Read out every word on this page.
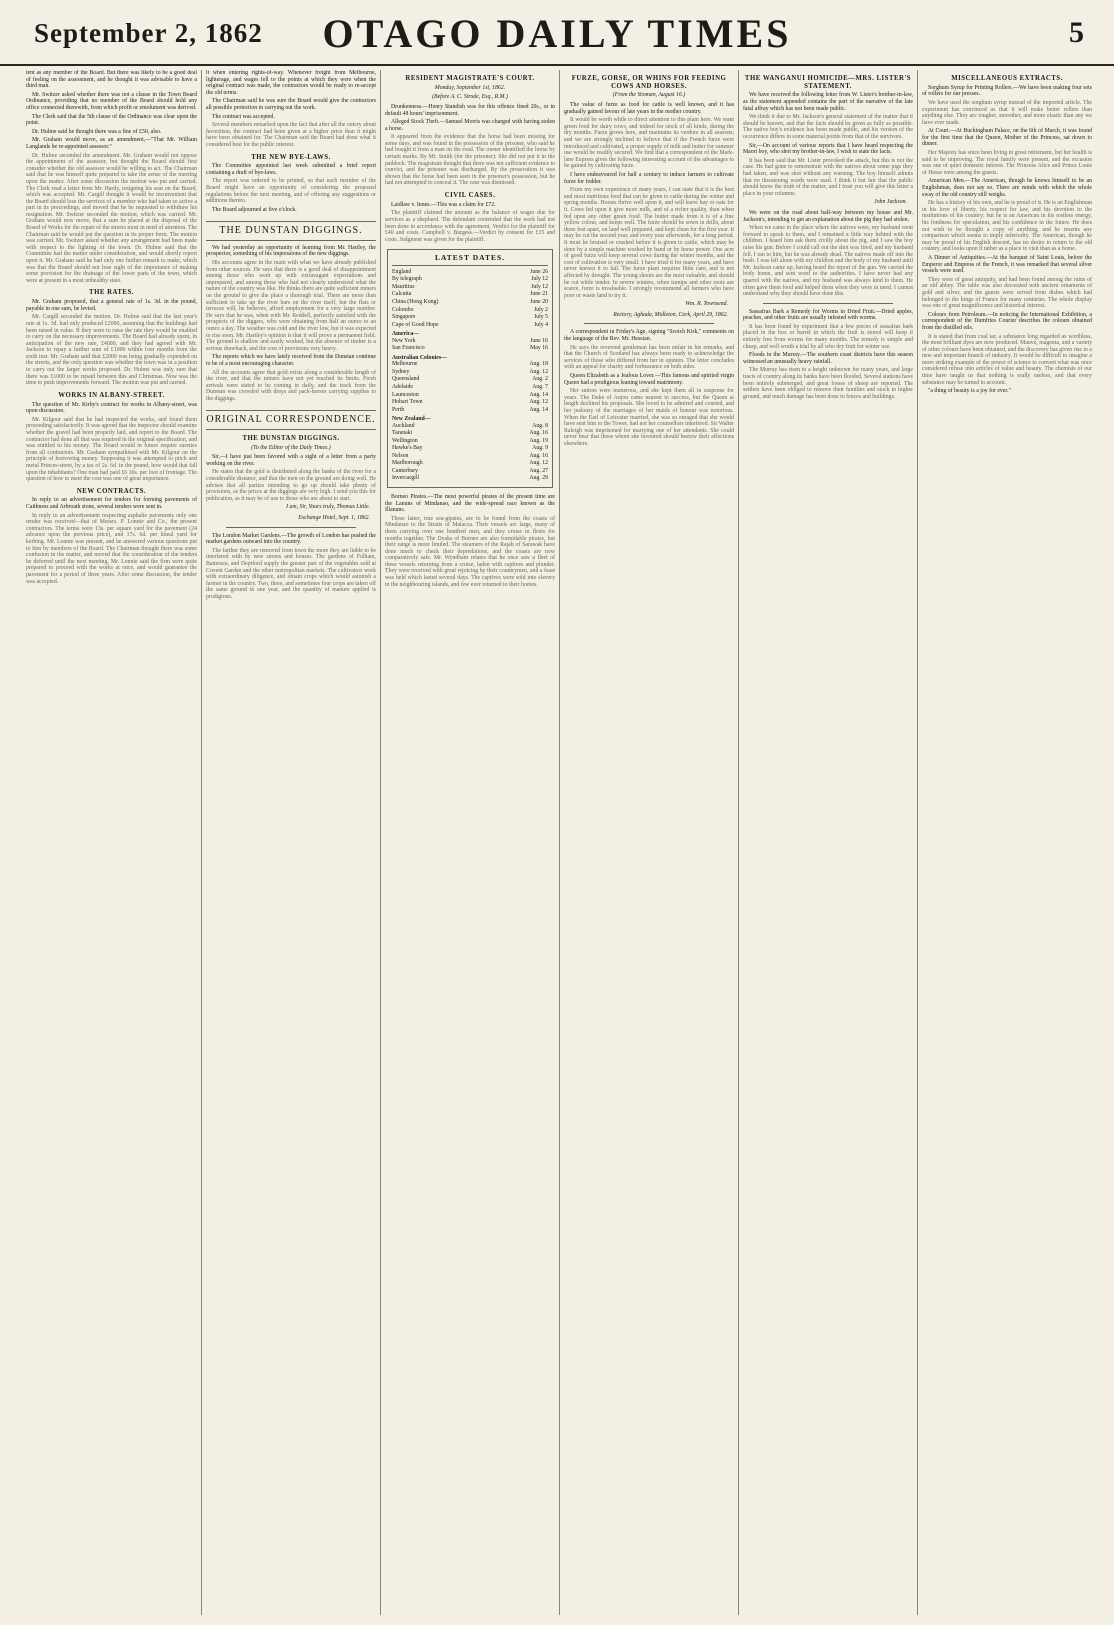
September 2, 1862	OTAGO DAILY TIMES	5

tent as any member of the Board. But there was likely to be a good deal of feeling on the assessment, and he thought it was advisable to have a third man.

Mr. Switzer asked whether there was not a clause in the Town Board Ordinance, providing that no member of the Board should hold any office connected therewith, from which profit or emolument was derived.

The Clerk said that the 5th clause of the Ordinance was clear upon the point.

Dr. Hulme said he thought there was a fine of £50, also.

Mr. Graham would move, as an amendment,—"That Mr. William Langlands be re-appointed assessor."

Dr. Hulme seconded the amendment. Mr. Graham would not oppose the appointment of the assessor, but thought the Board should first consider whether the old assessor would be willing to act. The Chairman said that he was himself quite prepared to take the sense of the meeting upon the matter. After some discussion the motion was put and carried. The Clerk read a letter from Mr. Hardy, resigning his seat on the Board, which was accepted. Mr. Cargill thought it would be inconvenient that the Board should lose the services of a member who had taken so active a part in its proceedings, and moved that he be requested to withdraw his resignation. Mr. Switzer seconded the motion, which was carried. Mr. Graham would now move, that a sum be placed at the disposal of the Board of Works for the repair of the streets most in need of attention. The Chairman said he would put the question in its proper form. The motion was carried. Mr. Switzer asked whether any arrangement had been made with respect to the lighting of the town. Dr. Hulme said that the Committee had the matter under consideration, and would shortly report upon it. Mr. Graham said he had only one further remark to make, which was that the Board should not lose sight of the importance of making some provision for the drainage of the lower parts of the town, which were at present in a most unhealthy state.

THE RATES.

Mr. Graham proposed, that a general rate of 1s. 3d. in the pound, payable in one sum, be levied.

Mr. Cargill seconded the motion. Dr. Hulme said that the last year's rate at 1s. 3d. had only produced £2000, assuming that the buildings had been raised in value. If they were to raise the rate they would be enabled to carry on the necessary improvements. The Board had already spent, in anticipation of the new rate, £4000, and they had agreed with Mr. Jackson to repay a further sum of £1000 within four months from the sixth inst. Mr. Graham said that £2000 was being gradually expended on the streets, and the only question was whether the town was in a position to carry out the larger works proposed. Dr. Hulme was only sure that there was £1000 to be repaid between this and Christmas. Now was the time to push improvements forward. The motion was put and carried.

WORKS IN ALBANY-STREET.

The question of Mr. Kirby's contract for works in Albany-street, was upon discussion.

Mr. Kilgour said that he had inspected the works, and found them proceeding satisfactorily. It was agreed that the inspector should examine whether the gravel had been properly laid, and report to the Board. The contractor had done all that was required in the original specification, and was entitled to his money. The Board would in future require sureties from all contractors. Mr. Graham sympathised with Mr. Kilgour on the principle of borrowing money. Supposing it was attempted to pitch and metal Princes-street, by a tax of 2s. 6d. in the pound, how would that fall upon the inhabitants? One man had paid £6 10s. per foot of frontage. The question of how to meet the cost was one of great importance.

NEW CONTRACTS.

In reply to an advertisement for tenders for forming pavements of Caithness and Arbroath stone, several tenders were sent in.

In reply to an advertisement respecting asphalte pavements only one tender was received—that of Messrs. P. Lonnie and Co., the present contractors. The terms were 13s. per square yard for the pavement (24 advance upon the previous price), and 17s. 6d. per lineal yard for kerbing. Mr. Lonnie was present, and he answered various questions put to him by members of the Board. The Chairman thought there was some confusion in the matter, and moved that the consideration of the tenders be deferred until the next meeting. Mr. Lonnie said the firm were quite prepared to proceed with the works at once, and would guarantee the pavement for a period of three years. After some discussion, the tender was accepted.

it when entering rights-of-way. Whenever freight from Melbourne, lighterage, and wages fell to the points at which they were when the original contract was made, the contractors would be ready to re-accept the old terms.

The Chairman said he was sure the Board would give the contractors all possible protection in carrying out the work.

The contract was accepted.

Several members remarked upon the fact that after all the outcry about favoritism, the contract had been given at a higher price than it might have been obtained for. The Chairman said the Board had done what it considered best for the public interest.

THE NEW BYE-LAWS.

The Committee appointed last week submitted a brief report containing a draft of bye-laws.

The report was ordered to be printed, so that each member of the Board might have an opportunity of considering the proposed regulations before the next meeting, and of offering any suggestions or additions thereto.

The Board adjourned at five o'clock.

THE DUNSTAN DIGGINGS.

We had yesterday an opportunity of learning from Mr. Hartley, the prospector, something of his impressions of the new diggings.

His accounts agree in the main with what we have already published from other sources. He says that there is a good deal of disappointment among those who went up with extravagant expectations and unprepared, and among those who had not clearly understood what the nature of the country was like. He thinks there are quite sufficient miners on the ground to give the place a thorough trial. There are more than sufficient to take up the river bars on the river itself, but the flats or terraces will, he believes, afford employment for a very large number. He says that he was, when with Mr. Reddell, perfectly satisfied with the prospects of the diggers, who were obtaining from half an ounce to an ounce a day. The weather was cold and the river low, but it was expected to rise soon. Mr. Hartley's opinion is that it will prove a permanent field. The ground is shallow and easily worked, but the absence of timber is a serious drawback, and the cost of provisions very heavy.

The reports which we have lately received from the Dunstan continue to be of a most encouraging character.

All the accounts agree that gold exists along a considerable length of the river, and that the miners have not yet reached its limits. Fresh arrivals were stated to be coming in daily, and the track from the Dunstan was crowded with drays and pack-horses carrying supplies to the diggings.

ORIGINAL CORRESPONDENCE.
THE DUNSTAN DIGGINGS.
(To the Editor of the Daily Times.)

Sir,—I have just been favored with a sight of a letter from a party working on the river.

He states that the gold is distributed along the banks of the river for a considerable distance, and that the men on the ground are doing well. He advises that all parties intending to go up should take plenty of provisions, as the prices at the diggings are very high. I send you this for publication, as it may be of use to those who are about to start.

I am, Sir, Yours truly, Thomas Little.
Exchange Hotel, Sept. 1, 1862.

The London Market Gardens.—The growth of London has pushed the market gardens outward into the country.

The farther they are removed from town the more they are liable to be interfered with by new streets and houses. The gardens of Fulham, Battersea, and Deptford supply the greater part of the vegetables sold at Covent Garden and the other metropolitan markets. The cultivators work with extraordinary diligence, and obtain crops which would astonish a farmer in the country. Two, three, and sometimes four crops are taken off the same ground in one year, and the quantity of manure applied is prodigious.

RESIDENT MAGISTRATE'S COURT.
Monday, September 1st, 1862.
(Before A. C. Strode, Esq., R.M.)

Drunkenness.—Henry Standish was for this offence fined 20s., or in default 48 hours' imprisonment.

Alleged Stock Theft.—Samuel Morris was charged with having stolen a horse.

It appeared from the evidence that the horse had been missing for some days, and was found in the possession of the prisoner, who said he had bought it from a man on the road. The owner identified the horse by certain marks. By Mr. Smith (for the prisoner): She did not put it in the paddock. The magistrate thought that there was not sufficient evidence to convict, and the prisoner was discharged. By the prosecution it was shown that the horse had been seen in the prisoner's possession, but he had not attempted to conceal it. The case was dismissed.

CIVIL CASES.

Laidlaw v. Innes.—This was a claim for £72.

The plaintiff claimed the amount as the balance of wages due for services as a shepherd. The defendant contended that the work had not been done in accordance with the agreement. Verdict for the plaintiff for £40 and costs. Campbell v. Burgess.—Verdict by consent for £15 and costs. Judgment was given for the plaintiff.

LATEST DATES.
England	June 26
By telegraph	July 12
Mauritius	July 12
Calcutta	June 21
China (Hong Kong)	June 20
Colombo	July 2
Singapore	July 5
Cape of Good Hope	July 4
America—
New York	June 16
San Francisco	May 16
Australian Colonies—
Melbourne	Aug. 18
Sydney	Aug. 12
Queensland	Aug. 2
Adelaide	Aug. 7
Launceston	Aug. 14
Hobart Town	Aug. 12
Perth	Aug. 14
New Zealand—
Auckland	Aug. 8
Taranaki	Aug. 16
Wellington	Aug. 19
Hawke's Bay	Aug. 9
Nelson	Aug. 16
Marlborough	Aug. 12
Canterbury	Aug. 27
Invercargill	Aug. 29

Borneo Pirates.—The most powerful pirates of the present time are the Lanuns of Mindanao, and the wide-spread race known as the Illanuns.

These latter, true sea-gipsies, are to be found from the coasts of Mindanao to the Straits of Malacca. Their vessels are large, many of them carrying over one hundred men, and they cruise in fleets for months together. The Dyaks of Borneo are also formidable pirates, but their range is more limited. The steamers of the Rajah of Sarawak have done much to check their depredations, and the coasts are now comparatively safe. Mr. Wyndham relates that he once saw a fleet of these vessels returning from a cruise, laden with captives and plunder. They were received with great rejoicing by their countrymen, and a feast was held which lasted several days. The captives were sold into slavery in the neighbouring islands, and few ever returned to their homes.

FURZE, GORSE, OR WHINS FOR FEEDING COWS AND HORSES.
(From the Yeoman, August 16.)

The value of furze as food for cattle is well known, and it has gradually gained favour of late years in the mother country.

It would be worth while to direct attention to this plant here. We want green food for dairy cows, and indeed for stock of all kinds, during the dry months. Furze grows here, and maintains its verdure in all seasons; and we are strongly inclined to believe that if the French furze were introduced and cultivated, a proper supply of milk and butter for summer use would be readily secured. We find that a correspondent of the Mark-lane Express gives the following interesting account of the advantages to be gained by cultivating furze.

I have endeavoured for half a century to induce farmers to cultivate furze for fodder.

From my own experience of many years, I can state that it is the best and most nutritious food that can be given to cattle during the winter and spring months. Horses thrive well upon it, and will leave hay or oats for it. Cows fed upon it give more milk, and of a richer quality, than when fed upon any other green food. The butter made from it is of a fine yellow colour, and keeps well. The furze should be sown in drills, about three feet apart, on land well prepared, and kept clean for the first year. It may be cut the second year, and every year afterwards, for a long period. It must be bruised or crushed before it is given to cattle, which may be done by a simple machine worked by hand or by horse power. One acre of good furze will keep several cows during the winter months, and the cost of cultivation is very small. I have tried it for many years, and have never known it to fail. The furze plant requires little care, and is not affected by drought. The young shoots are the most valuable, and should be cut while tender. In severe winters, when turnips and other roots are scarce, furze is invaluable. I strongly recommend all farmers who have poor or waste land to try it.

Wm. R. Townsend.
Rectory, Aghada, Midleton, Cork, April 29, 1862.

A correspondent in Friday's Age, signing "Scotch Kirk," comments on the language of the Rev. Mr. Hessian.

He says the reverend gentleman has been unfair in his remarks, and that the Church of Scotland has always been ready to acknowledge the services of those who differed from her in opinion. The letter concludes with an appeal for charity and forbearance on both sides.

Queen Elizabeth as a Jealous Lover.—This famous and spirited virgin Queen had a prodigious leaning toward matrimony.

Her suitors were numerous, and she kept them all in suspense for years. The Duke of Anjou came nearest to success, but the Queen at length declined his proposals. She loved to be admired and courted, and her jealousy of the marriages of her maids of honour was notorious. When the Earl of Leicester married, she was so enraged that she would have sent him to the Tower, had not her counsellors interfered. Sir Walter Raleigh was imprisoned for marrying one of her attendants. She could never bear that those whom she favoured should bestow their affections elsewhere.

THE WANGANUI HOMICIDE—MRS. LISTER'S STATEMENT.

We have received the following letter from W. Lister's brother-in-law, as the statement appended contains the part of the narrative of the late fatal affray which has not been made public.

We think it due to Mr. Jackson's general statement of the matter that it should be known, and that the facts should be given as fully as possible. The native boy's evidence has been made public, and his version of the occurrence differs in some material points from that of the survivors.

Sir,—On account of various reports that I have heard respecting the Maori boy, who shot my brother-in-law, I wish to state the facts.

It has been said that Mr. Lister provoked the attack, but this is not the case. He had gone to remonstrate with the natives about some pigs they had taken, and was shot without any warning. The boy himself admits that no threatening words were used. I think it but fair that the public should know the truth of the matter, and I trust you will give this letter a place in your columns.

John Jackson.

We were on the road about half-way between my house and Mr. Jackson's, intending to get an explanation about the pig they had stolen.

When we came to the place where the natives were, my husband went forward to speak to them, and I remained a little way behind with the children. I heard him ask them civilly about the pig, and I saw the boy raise his gun. Before I could call out the shot was fired, and my husband fell. I ran to him, but he was already dead. The natives made off into the bush. I was left alone with my children and the body of my husband until Mr. Jackson came up, having heard the report of the gun. We carried the body home, and sent word to the authorities. I have never had any quarrel with the natives, and my husband was always kind to them. He often gave them food and helped them when they were in need. I cannot understand why they should have done this.

Sassafras Bark a Remedy for Worms in Dried Fruit.—Dried apples, peaches, and other fruits are usually infested with worms.

It has been found by experiment that a few pieces of sassafras bark placed in the box or barrel in which the fruit is stored will keep it entirely free from worms for many months. The remedy is simple and cheap, and well worth a trial by all who dry fruit for winter use.

Floods in the Murray.—The southern coast districts have this season witnessed an unusually heavy rainfall.

The Murray has risen to a height unknown for many years, and large tracts of country along its banks have been flooded. Several stations have been entirely submerged, and great losses of sheep are reported. The settlers have been obliged to remove their families and stock to higher ground, and much damage has been done to fences and buildings.

MISCELLANEOUS EXTRACTS.

Sorghum Syrup for Printing Rollers.—We have been making four sets of rollers for our presses.

We have used the sorghum syrup instead of the imported article. The experiment has convinced us that it will make better rollers than anything else. They are tougher, smoother, and more elastic than any we have ever made.

At Court.—At Buckingham Palace, on the 6th of March, it was found for the first time that the Queen, Mother of the Princess, sat down to dinner.

Her Majesty has since been living in great retirement, but her health is said to be improving. The royal family were present, and the occasion was one of quiet domestic interest. The Princess Alice and Prince Louis of Hesse were among the guests.

American Men.—The American, though he knows himself to be an Englishman, does not say so. There are minds with which the whole sway of the old country still weighs.

He has a history of his own, and he is proud of it. He is an Englishman in his love of liberty, his respect for law, and his devotion to the institutions of his country; but he is an American in his restless energy, his fondness for speculation, and his confidence in the future. He does not wish to be thought a copy of anything, and he resents any comparison which seems to imply inferiority. The American, though he may be proud of his English descent, has no desire to return to the old country, and looks upon it rather as a place to visit than as a home.

A Dinner of Antiquities.—At the banquet of Saint Louis, before the Emperor and Empress of the French, it was remarked that several silver vessels were used.

They were of great antiquity, and had been found among the ruins of an old abbey. The table was also decorated with ancient ornaments of gold and silver, and the guests were served from dishes which had belonged to the kings of France for many centuries. The whole display was one of great magnificence and historical interest.

Colours from Petroleum.—In noticing the International Exhibition, a correspondent of the Dumfries Courier describes the colours obtained from the distilled oils.

It is stated that from coal tar, a substance long regarded as worthless, the most brilliant dyes are now produced. Mauve, magenta, and a variety of other colours have been obtained, and the discovery has given rise to a new and important branch of industry. It would be difficult to imagine a more striking example of the power of science to convert what was once considered refuse into articles of value and beauty. The chemists of our time have taught us that nothing is really useless, and that every substance may be turned to account.

"a thing of beauty is a joy for ever."
